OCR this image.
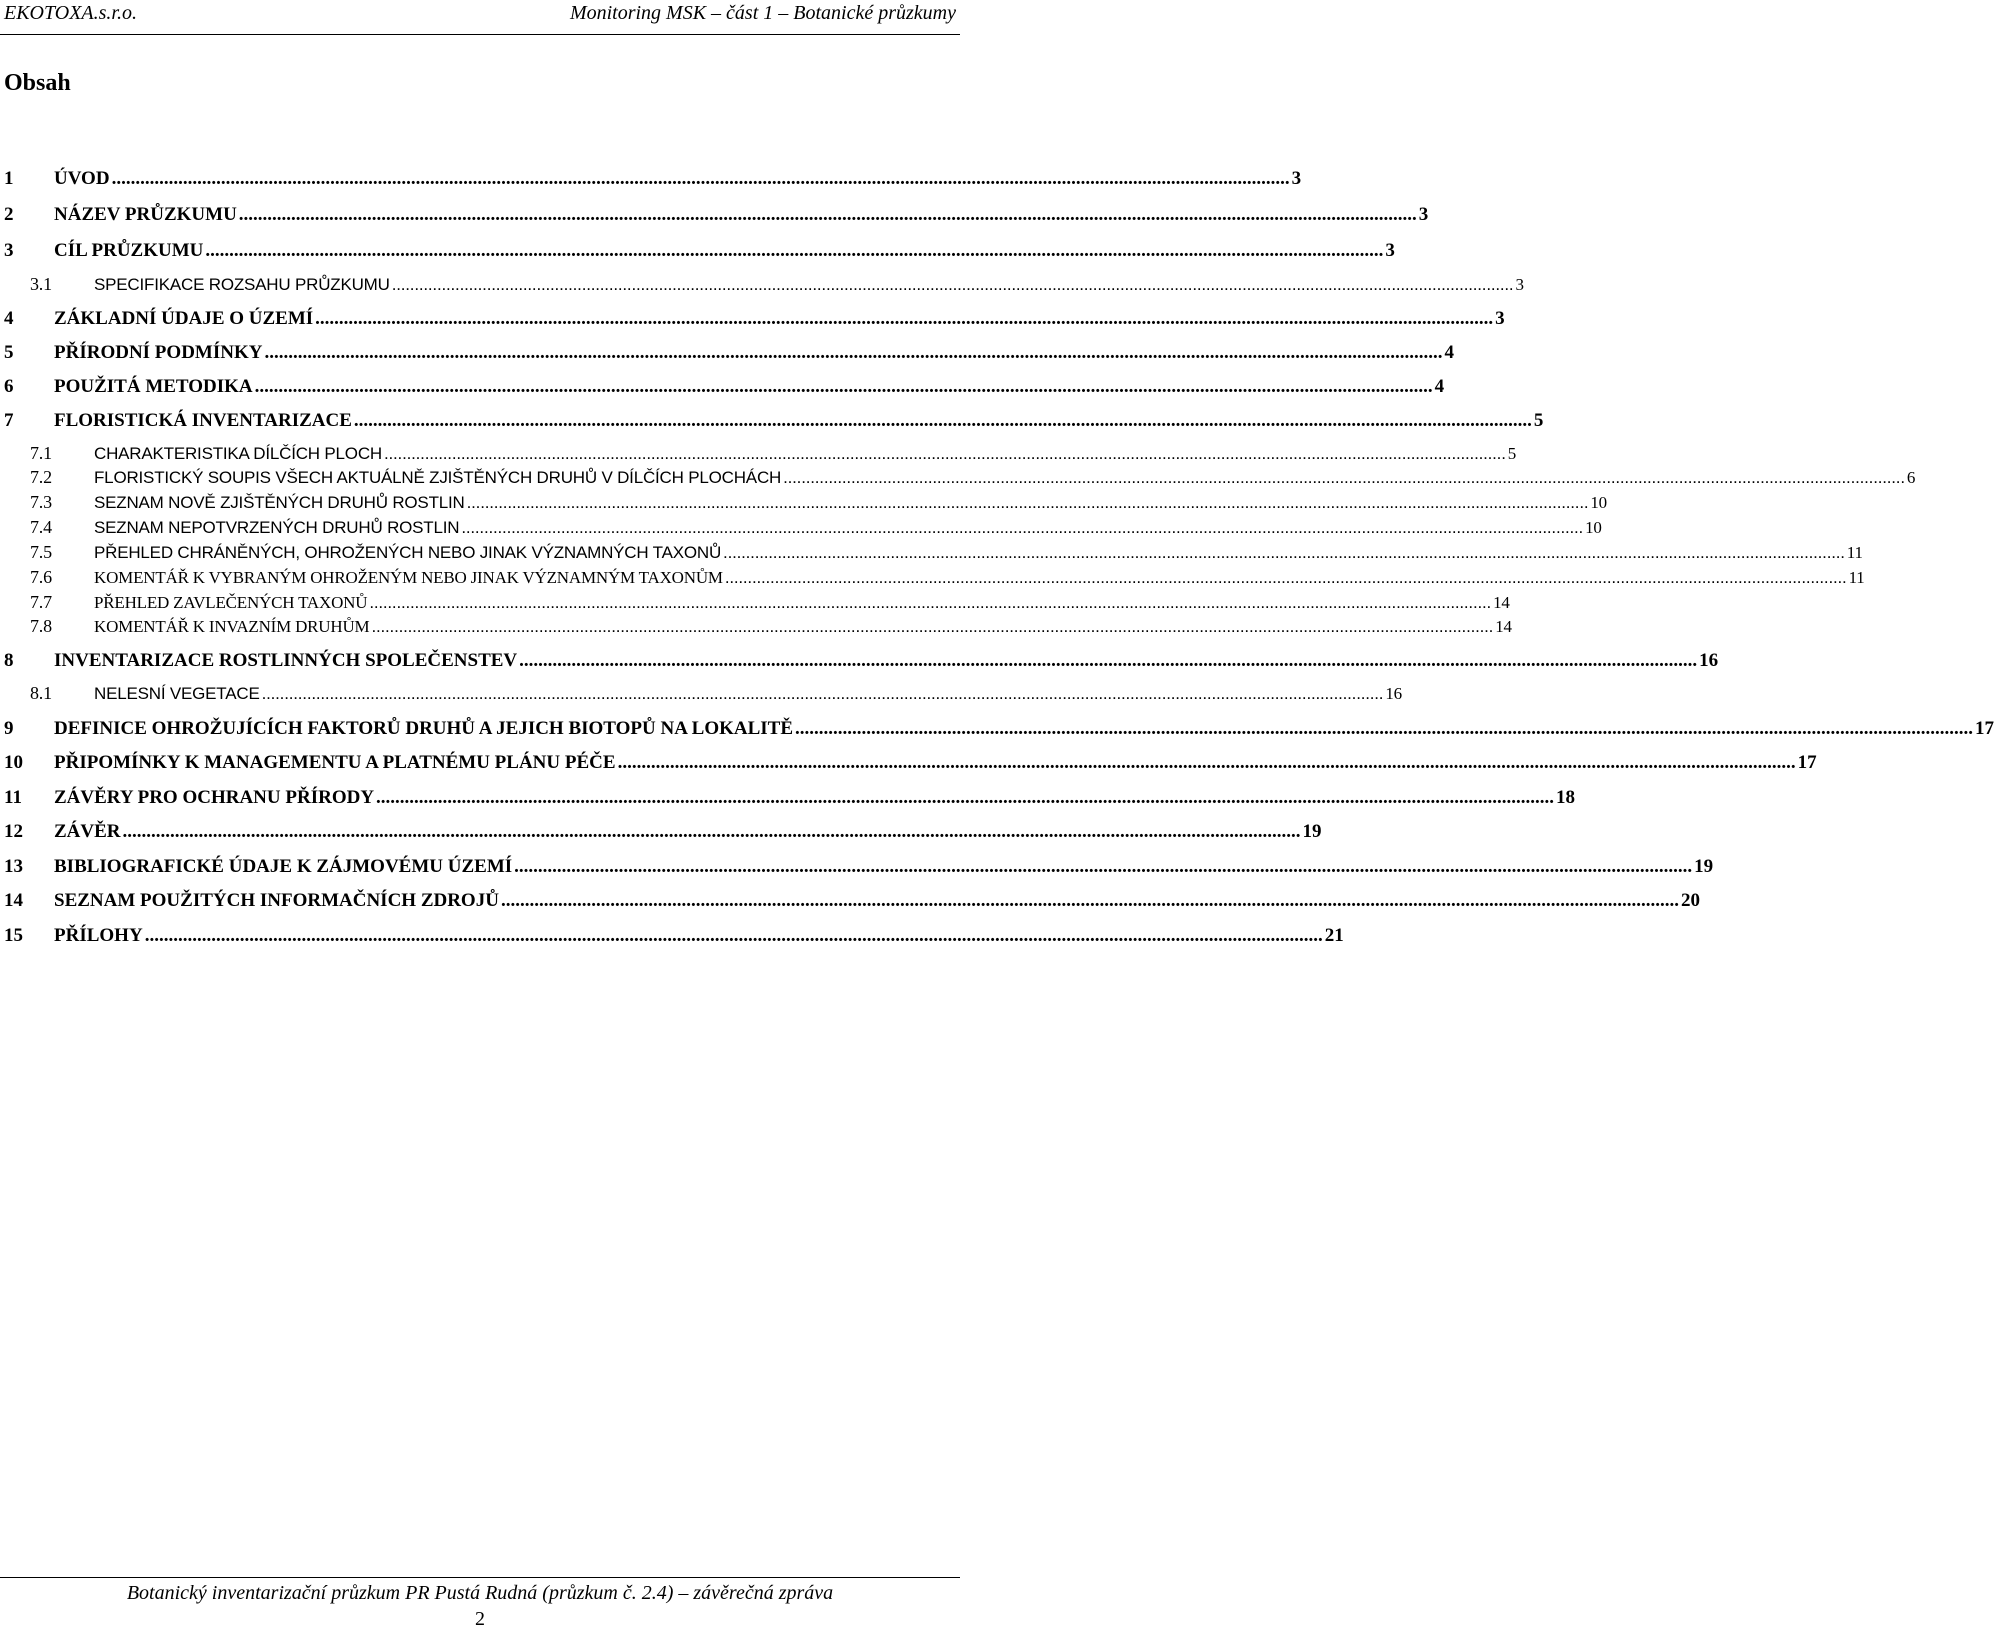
EKOTOXA.s.r.o.	Monitoring MSK – část 1 – Botanické průzkumy
Obsah
1	ÚVOD .....	3
2	NÁZEV PRŮZKUMU .....	3
3	CÍL PRŮZKUMU .....	3
3.1	SPECIFIKACE ROZSAHU PRŮZKUMU .....	3
4	ZÁKLADNÍ ÚDAJE O ÚZEMÍ .....	3
5	PŘÍRODNÍ PODMÍNKY .....	4
6	POUŽITÁ METODIKA .....	4
7	FLORISTICKÁ INVENTARIZACE .....	5
7.1	CHARAKTERISTIKA DÍLČÍCH PLOCH .....	5
7.2	FLORISTICKÝ SOUPIS VŠECH AKTUÁLNĚ ZJIŠTĚNÝCH DRUHŮ V DÍLČÍCH PLOCHÁCH .....	6
7.3	SEZNAM NOVĚ ZJIŠTĚNÝCH DRUHŮ ROSTLIN .....	10
7.4	SEZNAM NEPOTVRZENÝCH DRUHŮ ROSTLIN .....	10
7.5	PŘEHLED CHRÁNĚNÝCH, OHROŽENÝCH NEBO JINAK VÝZNAMNÝCH TAXONŮ .....	11
7.6	KOMENTÁŘ K VYBRANÝM OHROŽENÝM NEBO JINAK VÝZNAMNÝM TAXONŮM .....	11
7.7	PŘEHLED ZAVLEČENÝCH TAXONŮ .....	14
7.8	KOMENTÁŘ K INVAZNÍM DRUHŮM .....	14
8	INVENTARIZACE ROSTLINNÝCH SPOLEČENSTEV .....	16
8.1	NELESNÍ VEGETACE .....	16
9	DEFINICE OHROŽUJÍCÍCH FAKTORŮ DRUHŮ A JEJICH BIOTOPŮ NA LOKALITĚ .....	17
10	PŘIPOMÍNKY K MANAGEMENTU A PLATNÉMU PLÁNU PÉČE .....	17
11	ZÁVĚRY PRO OCHRANU PŘÍRODY .....	18
12	ZÁVĚR .....	19
13	BIBLIOGRAFICKÉ ÚDAJE K ZÁJMOVÉMU ÚZEMÍ .....	19
14	SEZNAM POUŽITÝCH INFORMAČNÍCH ZDROJŮ .....	20
15	PŘÍLOHY .....	21
Botanický inventarizační průzkum PR Pustá Rudná (průzkum č. 2.4) – závěrečná zpráva
2
